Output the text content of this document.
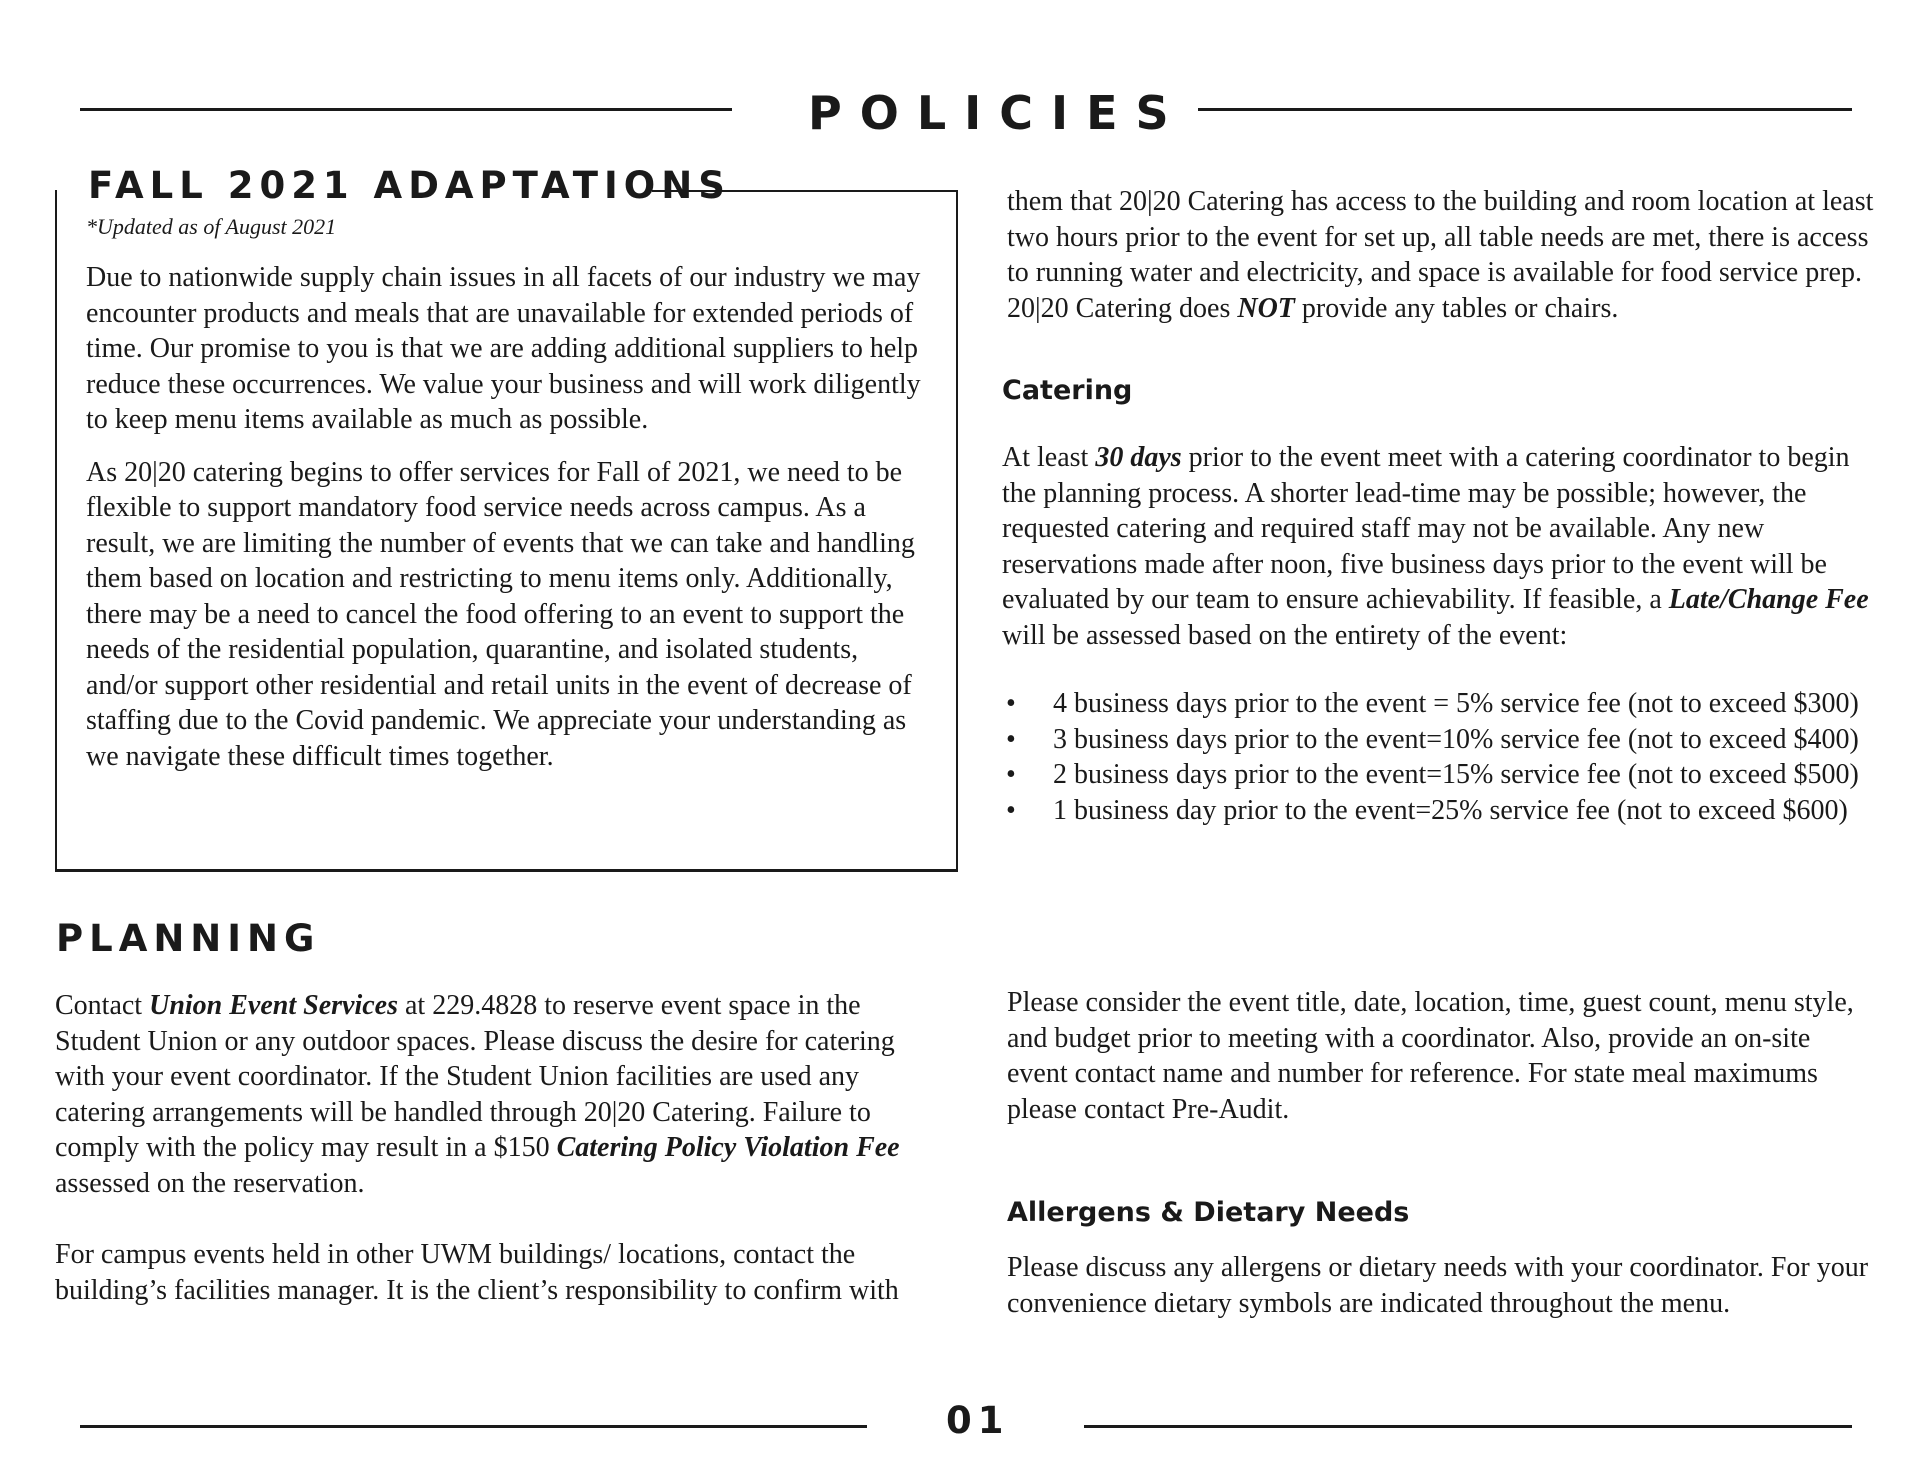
POLICIES
FALL 2021 ADAPTATIONS
*Updated as of August 2021

Due to nationwide supply chain issues in all facets of our industry we may encounter products and meals that are unavailable for extended periods of time. Our promise to you is that we are adding additional suppliers to help reduce these occurrences. We value your business and will work diligently to keep menu items available as much as possible.

As 20|20 catering begins to offer services for Fall of 2021, we need to be flexible to support mandatory food service needs across campus. As a result, we are limiting the number of events that we can take and handling them based on location and restricting to menu items only. Additionally, there may be a need to cancel the food offering to an event to support the needs of the residential population, quarantine, and isolated students, and/or support other residential and retail units in the event of decrease of staffing due to the Covid pandemic. We appreciate your understanding as we navigate these difficult times together.

PLANNING

Contact Union Event Services at 229.4828 to reserve event space in the Student Union or any outdoor spaces. Please discuss the desire for catering with your event coordinator. If the Student Union facilities are used any catering arrangements will be handled through 20|20 Catering. Failure to comply with the policy may result in a $150 Catering Policy Violation Fee assessed on the reservation.

For campus events held in other UWM buildings/ locations, contact the building’s facilities manager. It is the client’s responsibility to confirm with

them that 20|20 Catering has access to the building and room location at least two hours prior to the event for set up, all table needs are met, there is access to running water and electricity, and space is available for food service prep. 20|20 Catering does NOT provide any tables or chairs.

Catering

At least 30 days prior to the event meet with a catering coordinator to begin the planning process. A shorter lead-time may be possible; however, the requested catering and required staff may not be available. Any new reservations made after noon, five business days prior to the event will be evaluated by our team to ensure achievability. If feasible, a Late/Change Fee will be assessed based on the entirety of the event:

• 4 business days prior to the event = 5% service fee (not to exceed $300)
• 3 business days prior to the event=10% service fee (not to exceed $400)
• 2 business days prior to the event=15% service fee (not to exceed $500)
• 1 business day prior to the event=25% service fee (not to exceed $600)
Please consider the event title, date, location, time, guest count, menu style, and budget prior to meeting with a coordinator. Also, provide an on-site event contact name and number for reference. For state meal maximums please contact Pre-Audit.
Allergens & Dietary Needs
Please discuss any allergens or dietary needs with your coordinator. For your convenience dietary symbols are indicated throughout the menu.
01
